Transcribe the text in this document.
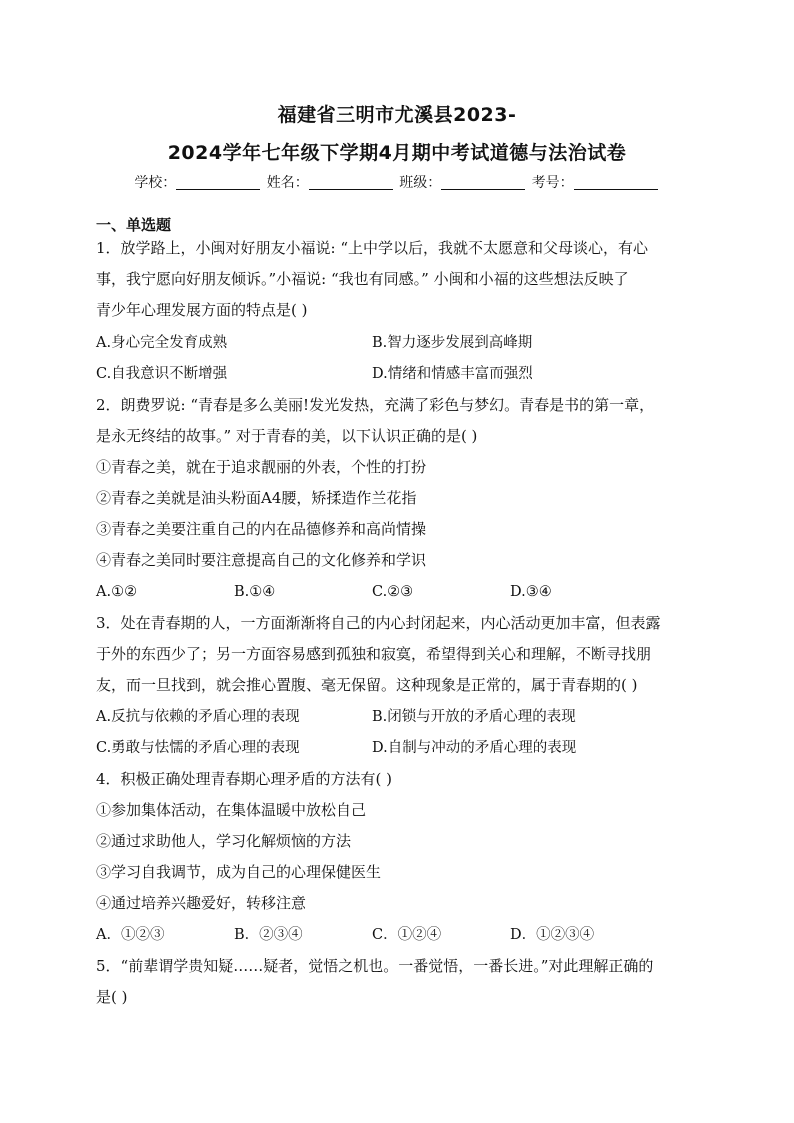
福建省三明市尤溪县2023-
2024学年七年级下学期4月期中考试道德与法治试卷
学校：	姓名：	班级：	考号：
一、单选题
1．放学路上，小闽对好朋友小福说: “上中学以后，我就不太愿意和父母谈心，有心
事，我宁愿向好朋友倾诉。”小福说: “我也有同感。” 小闽和小福的这些想法反映了
青少年心理发展方面的特点是( )
A.身心完全发育成熟	B.智力逐步发展到高峰期
C.自我意识不断增强	D.情绪和情感丰富而强烈
2．朗费罗说: “青春是多么美丽!发光发热，充满了彩色与梦幻。青春是书的第一章，
是永无终结的故事。” 对于青春的美，以下认识正确的是( )
①青春之美，就在于追求靓丽的外表，个性的打扮
②青春之美就是油头粉面A4腰，矫揉造作兰花指
③青春之美要注重自己的内在品德修养和高尚情操
④青春之美同时要注意提高自己的文化修养和学识
A.①②	B.①④	C.②③	D.③④
3．处在青春期的人，一方面渐渐将自己的内心封闭起来，内心活动更加丰富，但表露
于外的东西少了；另一方面容易感到孤独和寂寞，希望得到关心和理解，不断寻找朋
友，而一旦找到，就会推心置腹、毫无保留。这种现象是正常的，属于青春期的( )
A.反抗与依赖的矛盾心理的表现	B.闭锁与开放的矛盾心理的表现
C.勇敢与怯懦的矛盾心理的表现	D.自制与冲动的矛盾心理的表现
4．积极正确处理青春期心理矛盾的方法有( )
①参加集体活动，在集体温暖中放松自己
②通过求助他人，学习化解烦恼的方法
③学习自我调节，成为自己的心理保健医生
④通过培养兴趣爱好，转移注意
A．①②③	B．②③④	C．①②④	D．①②③④
5．“前辈谓学贵知疑……疑者，觉悟之机也。一番觉悟，一番长进。”对此理解正确的
是( )
